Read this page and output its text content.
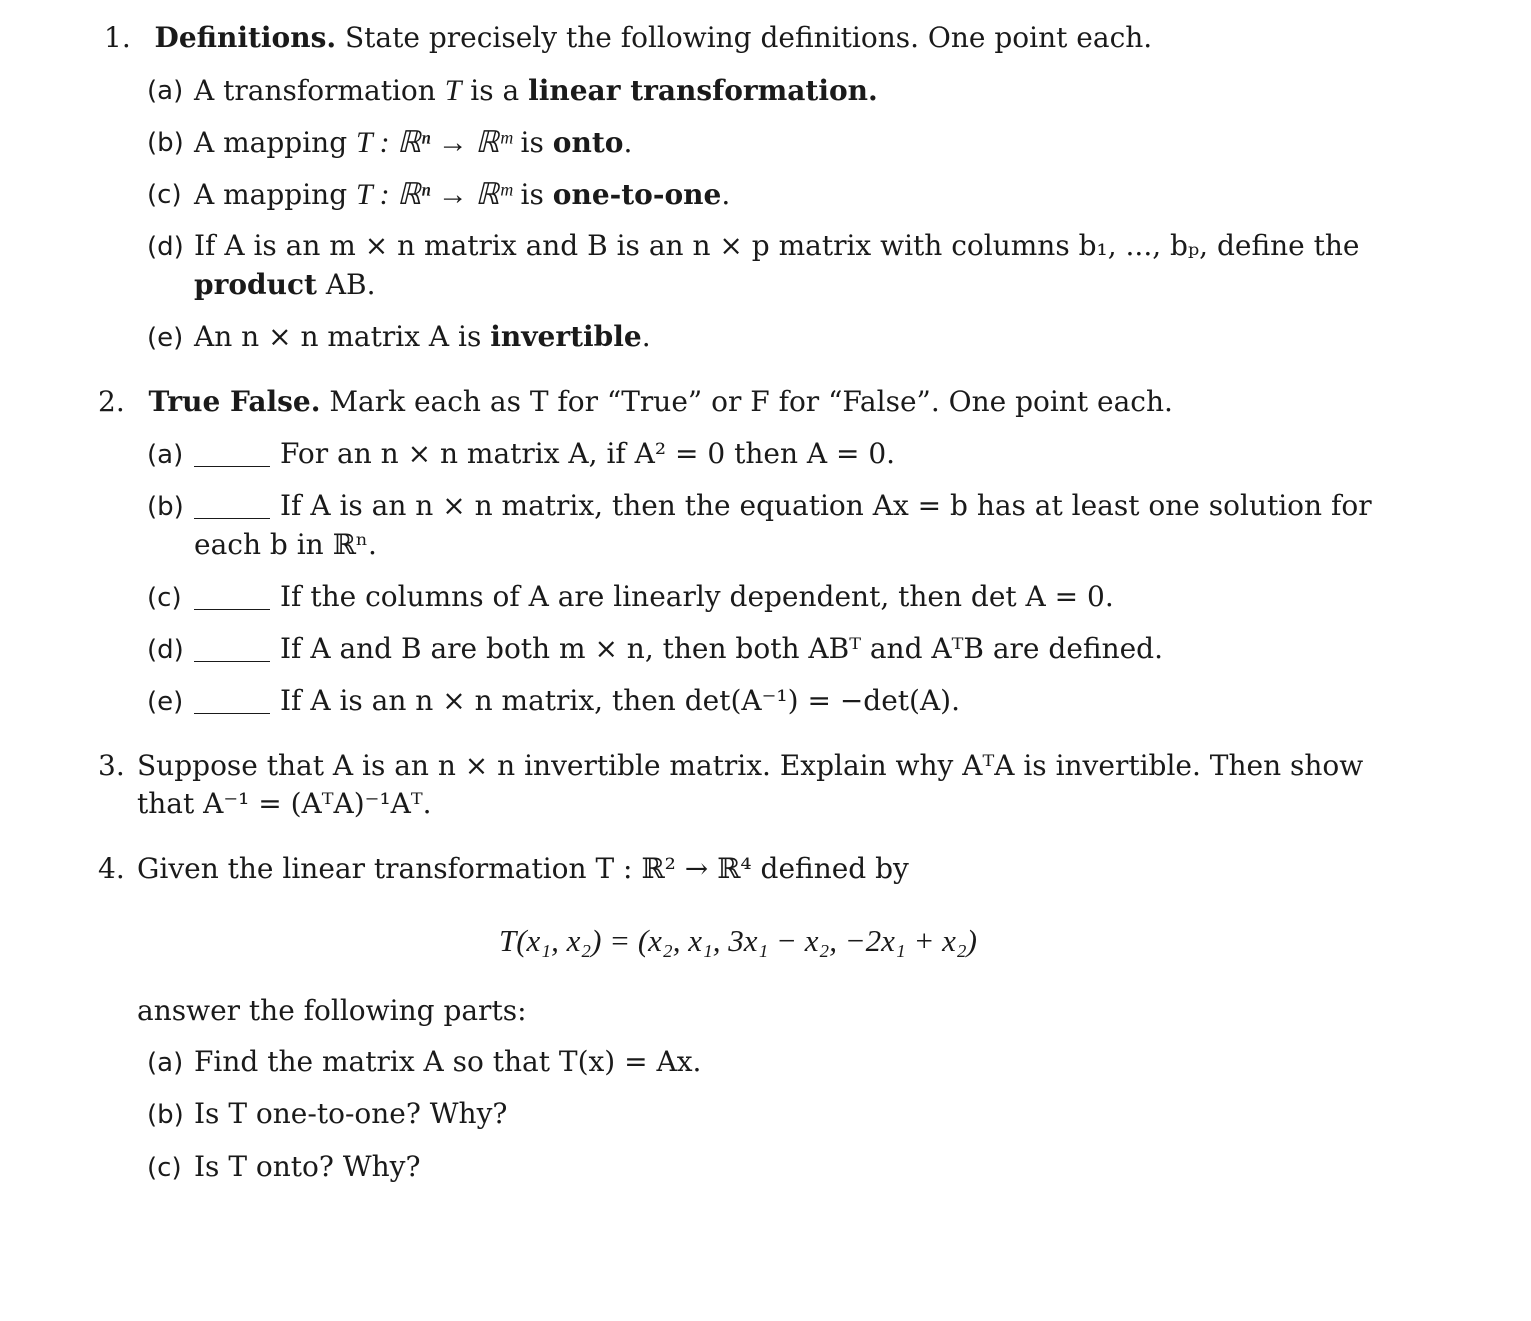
1. Definitions. State precisely the following definitions. One point each.
(a) A transformation T is a linear transformation.
(b) A mapping T : ℝⁿ → ℝᵐ is onto.
(c) A mapping T : ℝⁿ → ℝᵐ is one-to-one.
(d) If A is an m × n matrix and B is an n × p matrix with columns b₁, ..., bₚ, define the
product AB.
(e) An n × n matrix A is invertible.
2. True False. Mark each as T for “True” or F for “False”. One point each.
(a)	For an n × n matrix A, if A² = 0 then A = 0.
(b)	If A is an n × n matrix, then the equation Ax = b has at least one solution for
each b in ℝⁿ.
(c)	If the columns of A are linearly dependent, then det A = 0.
(d)	If A and B are both m × n, then both ABᵀ and AᵀB are defined.
(e)	If A is an n × n matrix, then det(A⁻¹) = −det(A).
3. Suppose that A is an n × n invertible matrix. Explain why AᵀA is invertible. Then show
that A⁻¹ = (AᵀA)⁻¹Aᵀ.
4. Given the linear transformation T : ℝ² → ℝ⁴ defined by
T(x₁, x₂) = (x₂, x₁, 3x₁ − x₂, −2x₁ + x₂)
answer the following parts:
(a) Find the matrix A so that T(x) = Ax.
(b) Is T one-to-one? Why?
(c) Is T onto? Why?
